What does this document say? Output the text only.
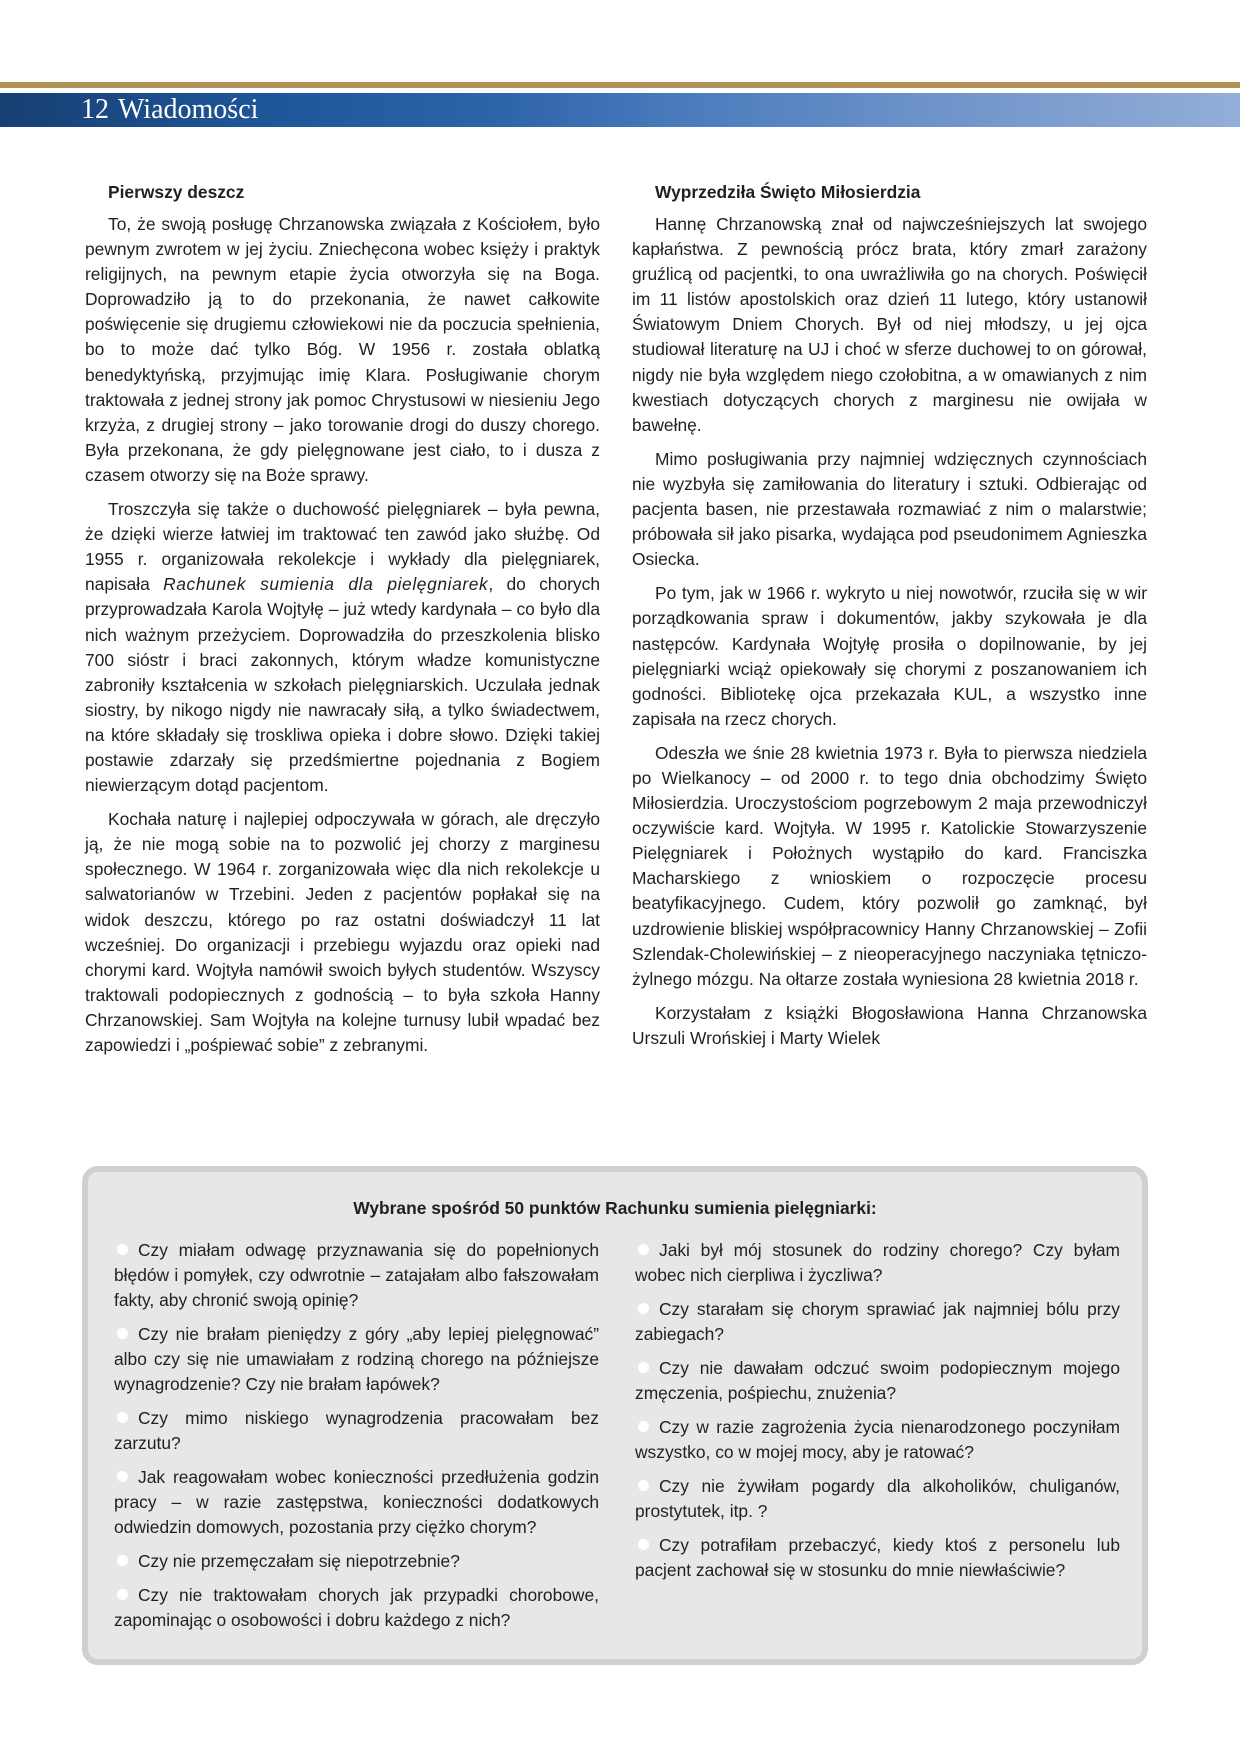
12 Wiadomości
Pierwszy deszcz

To, że swoją posługę Chrzanowska związała z Kościołem, było pewnym zwrotem w jej życiu. Zniechęcona wobec księży i praktyk religijnych, na pewnym etapie życia otworzyła się na Boga. Doprowadziło ją to do przekonania, że nawet całkowite poświęcenie się drugiemu człowiekowi nie da poczucia spełnienia, bo to może dać tylko Bóg. W 1956 r. została oblatką benedyktyńską, przyjmując imię Klara. Posługiwanie chorym traktowała z jednej strony jak pomoc Chrystusowi w niesieniu Jego krzyża, z drugiej strony – jako torowanie drogi do duszy chorego. Była przekonana, że gdy pielęgnowane jest ciało, to i dusza z czasem otworzy się na Boże sprawy.

Troszczyła się także o duchowość pielęgniarek – była pewna, że dzięki wierze łatwiej im traktować ten zawód jako służbę. Od 1955 r. organizowała rekolekcje i wykłady dla pielęgniarek, napisała Rachunek sumienia dla pielęgniarek, do chorych przyprowadzała Karola Wojtyłę – już wtedy kardynała – co było dla nich ważnym przeżyciem. Doprowadziła do przeszkolenia blisko 700 sióstr i braci zakonnych, którym władze komunistyczne zabroniły kształcenia w szkołach pielęgniarskich. Uczulała jednak siostry, by nikogo nigdy nie nawracały siłą, a tylko świadectwem, na które składały się troskliwa opieka i dobre słowo. Dzięki takiej postawie zdarzały się przedśmiertne pojednania z Bogiem niewierzącym dotąd pacjentom.

Kochała naturę i najlepiej odpoczywała w górach, ale dręczyło ją, że nie mogą sobie na to pozwolić jej chorzy z marginesu społecznego. W 1964 r. zorganizowała więc dla nich rekolekcje u salwatorianów w Trzebini. Jeden z pacjentów popłakał się na widok deszczu, którego po raz ostatni doświadczył 11 lat wcześniej. Do organizacji i przebiegu wyjazdu oraz opieki nad chorymi kard. Wojtyła namówił swoich byłych studentów. Wszyscy traktowali podopiecznych z godnością – to była szkoła Hanny Chrzanowskiej. Sam Wojtyła na kolejne turnusy lubił wpadać bez zapowiedzi i „pośpiewać sobie” z zebranymi.

Wyprzedziła Święto Miłosierdzia

Hannę Chrzanowską znał od najwcześniejszych lat swojego kapłaństwa. Z pewnością prócz brata, który zmarł zarażony gruźlicą od pacjentki, to ona uwrażliwiła go na chorych. Poświęcił im 11 listów apostolskich oraz dzień 11 lutego, który ustanowił Światowym Dniem Chorych. Był od niej młodszy, u jej ojca studiował literaturę na UJ i choć w sferze duchowej to on górował, nigdy nie była względem niego czołobitna, a w omawianych z nim kwestiach dotyczących chorych z marginesu nie owijała w bawełnę.

Mimo posługiwania przy najmniej wdzięcznych czynnościach nie wyzbyła się zamiłowania do literatury i sztuki. Odbierając od pacjenta basen, nie przestawała rozmawiać z nim o malarstwie; próbowała sił jako pisarka, wydająca pod pseudonimem Agnieszka Osiecka.

Po tym, jak w 1966 r. wykryto u niej nowotwór, rzuciła się w wir porządkowania spraw i dokumentów, jakby szykowała je dla następców. Kardynała Wojtyłę prosiła o dopilnowanie, by jej pielęgniarki wciąż opiekowały się chorymi z poszanowaniem ich godności. Bibliotekę ojca przekazała KUL, a wszystko inne zapisała na rzecz chorych.

Odeszła we śnie 28 kwietnia 1973 r. Była to pierwsza niedziela po Wielkanocy – od 2000 r. to tego dnia obchodzimy Święto Miłosierdzia. Uroczystościom pogrzebowym 2 maja przewodniczył oczywiście kard. Wojtyła. W 1995 r. Katolickie Stowarzyszenie Pielęgniarek i Położnych wystąpiło do kard. Franciszka Macharskiego z wnioskiem o rozpoczęcie procesu beatyfikacyjnego. Cudem, który pozwolił go zamknąć, był uzdrowienie bliskiej współpracownicy Hanny Chrzanowskiej – Zofii Szlendak-Cholewińskiej – z nieoperacyjnego naczyniaka tętniczo-żylnego mózgu. Na ołtarze została wyniesiona 28 kwietnia 2018 r.

Korzystałam z książki Błogosławiona Hanna Chrzanowska Urszuli Wrońskiej i Marty Wielek

Wybrane spośród 50 punktów Rachunku sumienia pielęgniarki:
Czy miałam odwagę przyznawania się do popełnionych błędów i pomyłek, czy odwrotnie – zatajałam albo fałszowałam fakty, aby chronić swoją opinię?
Czy nie brałam pieniędzy z góry „aby lepiej pielęgnować” albo czy się nie umawiałam z rodziną chorego na późniejsze wynagrodzenie? Czy nie brałam łapówek?
Czy mimo niskiego wynagrodzenia pracowałam bez zarzutu?
Jak reagowałam wobec konieczności przedłużenia godzin pracy – w razie zastępstwa, konieczności dodatkowych odwiedzin domowych, pozostania przy ciężko chorym?
Czy nie przemęczałam się niepotrzebnie?
Czy nie traktowałam chorych jak przypadki chorobowe, zapominając o osobowości i dobru każdego z nich?
Jaki był mój stosunek do rodziny chorego? Czy byłam wobec nich cierpliwa i życzliwa?
Czy starałam się chorym sprawiać jak najmniej bólu przy zabiegach?
Czy nie dawałam odczuć swoim podopiecznym mojego zmęczenia, pośpiechu, znużenia?
Czy w razie zagrożenia życia nienarodzonego poczyniłam wszystko, co w mojej mocy, aby je ratować?
Czy nie żywiłam pogardy dla alkoholików, chuliganów, prostytutek, itp. ?
Czy potrafiłam przebaczyć, kiedy ktoś z personelu lub pacjent zachował się w stosunku do mnie niewłaściwie?
